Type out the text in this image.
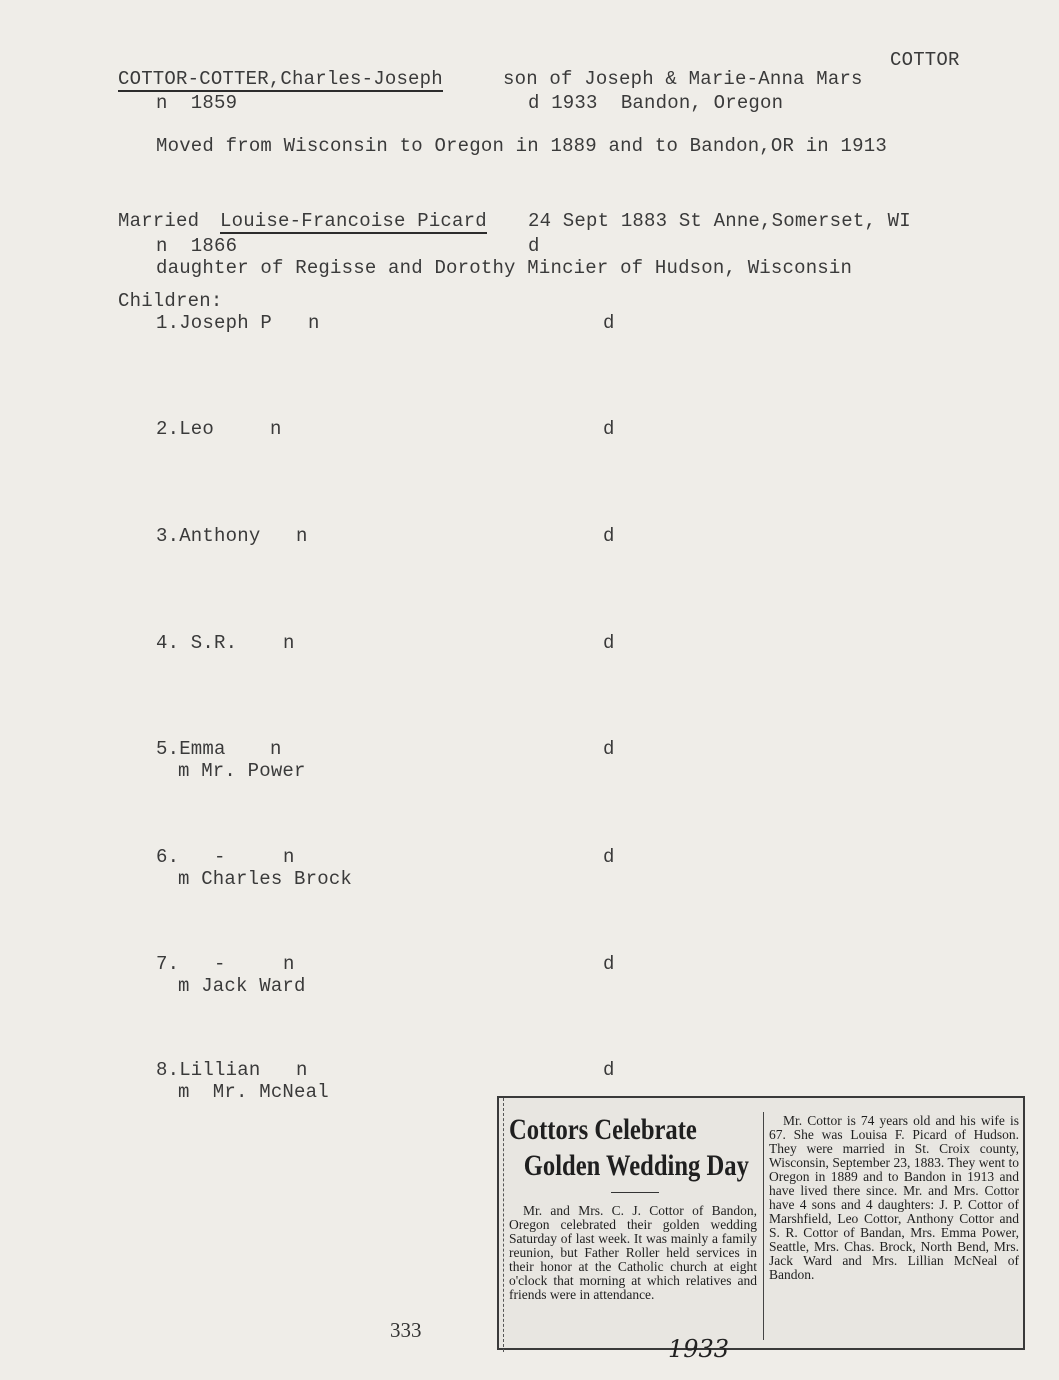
COTTOR
COTTOR-COTTER,Charles-Joseph	son of Joseph & Marie-Anna Mars
n  1859	d 1933  Bandon, Oregon
Moved from Wisconsin to Oregon in 1889 and to Bandon,OR in 1913
Married Louise-Francoise Picard 24 Sept 1883 St Anne,Somerset, WI
n  1866	d
daughter of Regisse and Dorothy Mincier of Hudson, Wisconsin
Children:
1.Joseph P n	d
2.Leo	n	d
3.Anthony n	d
4. S.R. n	d
5.Emma n	d
m Mr. Power
6.   -	n	d
m Charles Brock
7.   -	n	d
m Jack Ward
8.Lillian n	d
m  Mr. McNeal
Cottors Celebrate
Golden Wedding Day
Mr. and Mrs. C. J. Cottor of Bandon, Oregon celebrated their golden wedding Saturday of last week. It was mainly a family reunion, but Father Roller held services in their honor at the Catholic church at eight o'clock that morning at which relatives and friends were in attendance.
Mr. Cottor is 74 years old and his wife is 67. She was Louisa F. Picard of Hudson. They were married in St. Croix county, Wisconsin, September 23, 1883. They went to Oregon in 1889 and to Bandon in 1913 and have lived there since. Mr. and Mrs. Cottor have 4 sons and 4 daughters: J. P. Cottor of Marshfield, Leo Cottor, Anthony Cottor and S. R. Cottor of Bandan, Mrs. Emma Power, Seattle, Mrs. Chas. Brock, North Bend, Mrs. Jack Ward and Mrs. Lillian McNeal of Bandon.
333
1933
